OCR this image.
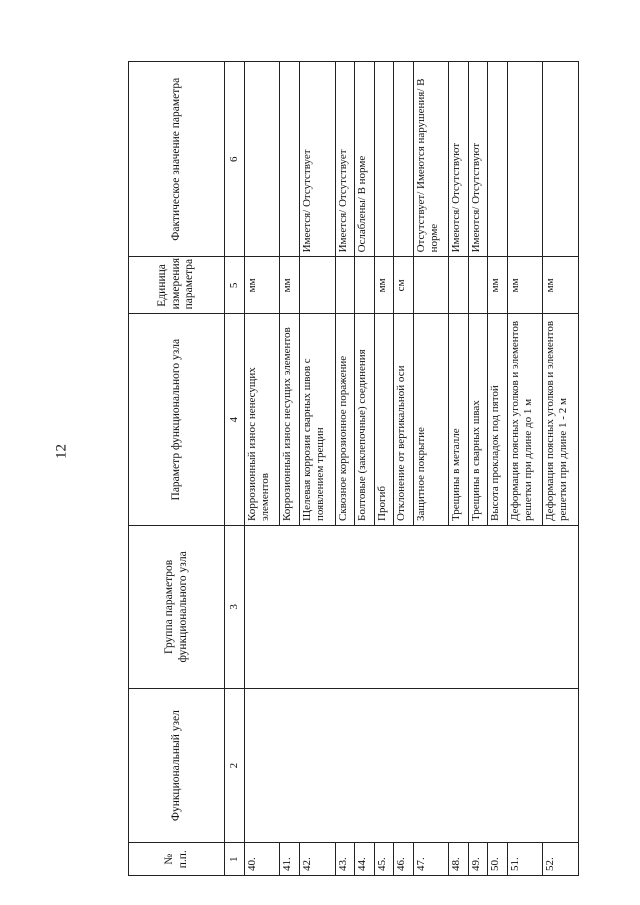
12
№ п.п.	Функциональный узел	Группа параметров функционального узла	Параметр функционального узла	Единица измерения параметра	Фактическое значение параметра
1	2	3	4	5	6
40.			Коррозионный износ ненесущих элементов	мм	
41.			Коррозионный износ несущих элементов	мм	
42.			Щелевая коррозия сварных швов с появлением трещин		Имеется/ Отсутствует
43.			Сквозное коррозионное поражение		Имеется/ Отсутствует
44.			Болтовые (заклепочные) соединения		Ослаблены/ В норме
45.			Прогиб	мм	
46.			Отклонение от вертикальной оси	см	
47.			Защитное покрытие		Отсутствует/ Имеются нарушения/ В норме
48.			Трещины в металле		Имеются/ Отсутствуют
49.			Трещины в сварных швах		Имеются/ Отсутствуют
50.			Высота прокладок под пятой	мм	
51.			Деформация поясных уголков и элементов решетки при длине до 1 м	мм	
52.			Деформация поясных уголков и элементов решетки при длине 1 - 2 м	мм	
